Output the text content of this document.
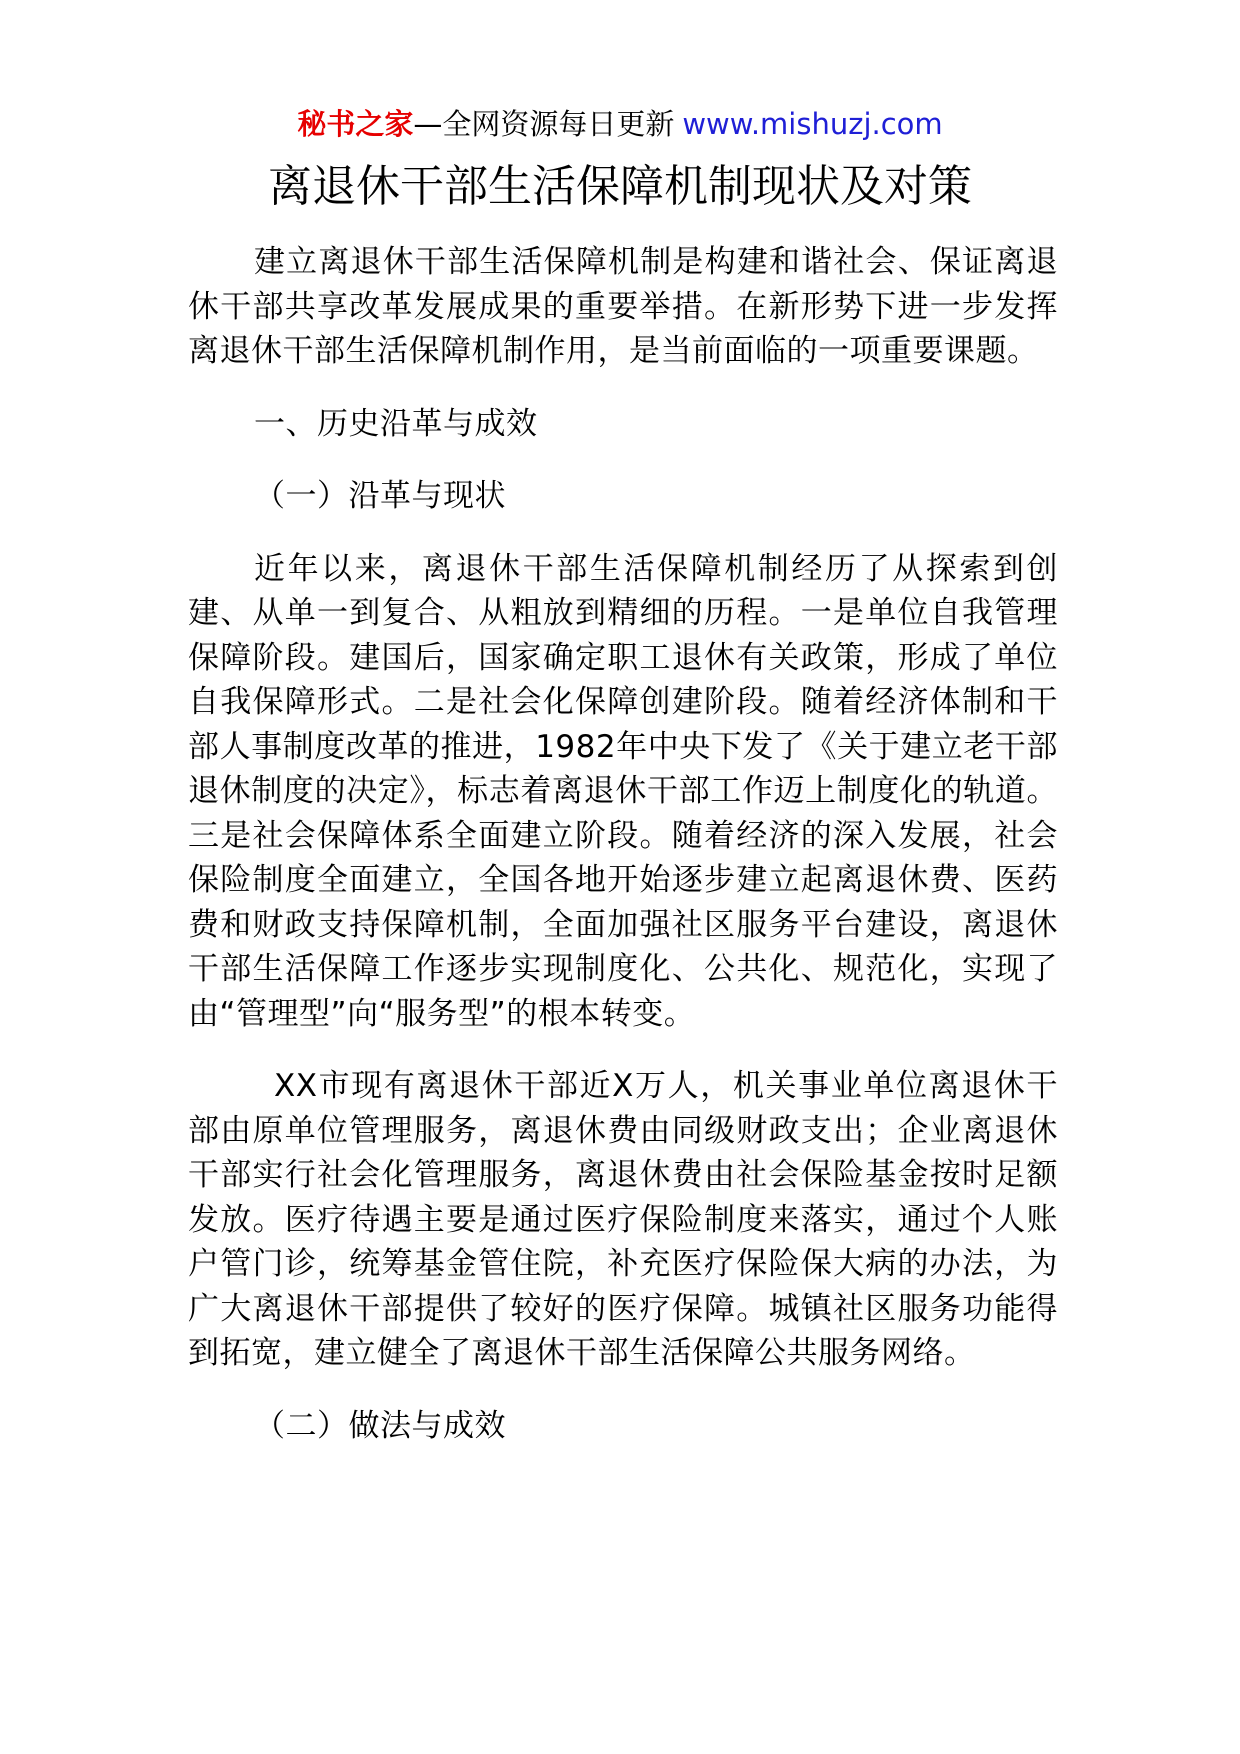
秘书之家—全网资源每日更新 www.mishuzj.com
离退休干部生活保障机制现状及对策

建立离退休干部生活保障机制是构建和谐社会、保证离退休干部共享改革发展成果的重要举措。在新形势下进一步发挥离退休干部生活保障机制作用，是当前面临的一项重要课题。

一、历史沿革与成效

（一）沿革与现状

近年以来，离退休干部生活保障机制经历了从探索到创建、从单一到复合、从粗放到精细的历程。一是单位自我管理保障阶段。建国后，国家确定职工退休有关政策，形成了单位自我保障形式。二是社会化保障创建阶段。随着经济体制和干部人事制度改革的推进，1982年中央下发了《关于建立老干部退休制度的决定》，标志着离退休干部工作迈上制度化的轨道。三是社会保障体系全面建立阶段。随着经济的深入发展，社会保险制度全面建立，全国各地开始逐步建立起离退休费、医药费和财政支持保障机制，全面加强社区服务平台建设，离退休干部生活保障工作逐步实现制度化、公共化、规范化，实现了由“管理型”向“服务型”的根本转变。

XX市现有离退休干部近X万人，机关事业单位离退休干部由原单位管理服务，离退休费由同级财政支出；企业离退休干部实行社会化管理服务，离退休费由社会保险基金按时足额发放。医疗待遇主要是通过医疗保险制度来落实，通过个人账户管门诊，统筹基金管住院，补充医疗保险保大病的办法，为广大离退休干部提供了较好的医疗保障。城镇社区服务功能得到拓宽，建立健全了离退休干部生活保障公共服务网络。

（二）做法与成效
